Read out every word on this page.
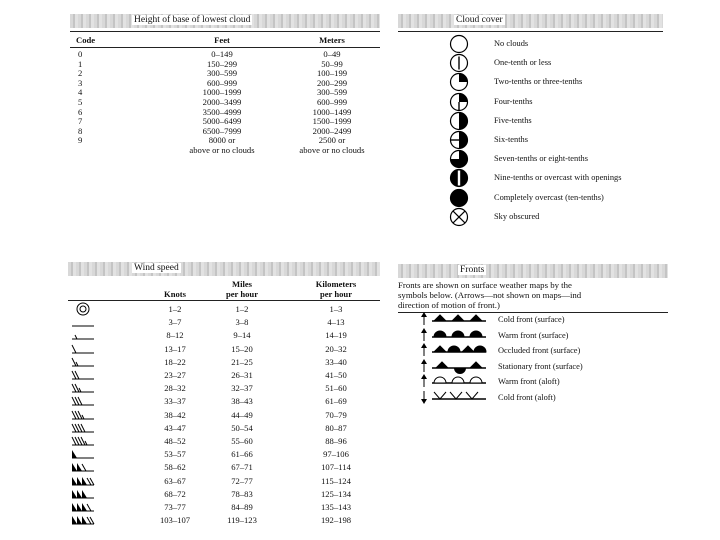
Height of base of lowest cloud
Code	Feet	Meters
0	0–149	0–49
1	150–299	50–99
2	300–599	100–199
3	600–999	200–299
4	1000–1999	300–599
5	2000–3499	600–999
6	3500–4999	1000–1499
7	5000–6499	1500–1999
8	6500–7999	2000–2499
9	8000 or	2500 or
above or no clouds	above or no clouds
Cloud cover
No clouds
One-tenth or less
Two-tenths or three-tenths
Four-tenths
Five-tenths
Six-tenths
Seven-tenths or eight-tenths
Nine-tenths or overcast with openings
Completely overcast (ten-tenths)
Sky obscured
Wind speed
Miles	Kilometers
Knots	per hour	per hour
1–2	1–2	1–3
3–7	3–8	4–13
8–12	9–14	14–19
13–17	15–20	20–32
18–22	21–25	33–40
23–27	26–31	41–50
28–32	32–37	51–60
33–37	38–43	61–69
38–42	44–49	70–79
43–47	50–54	80–87
48–52	55–60	88–96
53–57	61–66	97–106
58–62	67–71	107–114
63–67	72–77	115–124
68–72	78–83	125–134
73–77	84–89	135–143
103–107	119–123	192–198
Fronts
Fronts are shown on surface weather maps by the
symbols below. (Arrows—not shown on maps—ind
direction of motion of front.)
Cold front (surface)
Warm front (surface)
Occluded front (surface)
Stationary front (surface)
Warm front (aloft)
Cold front (aloft)
